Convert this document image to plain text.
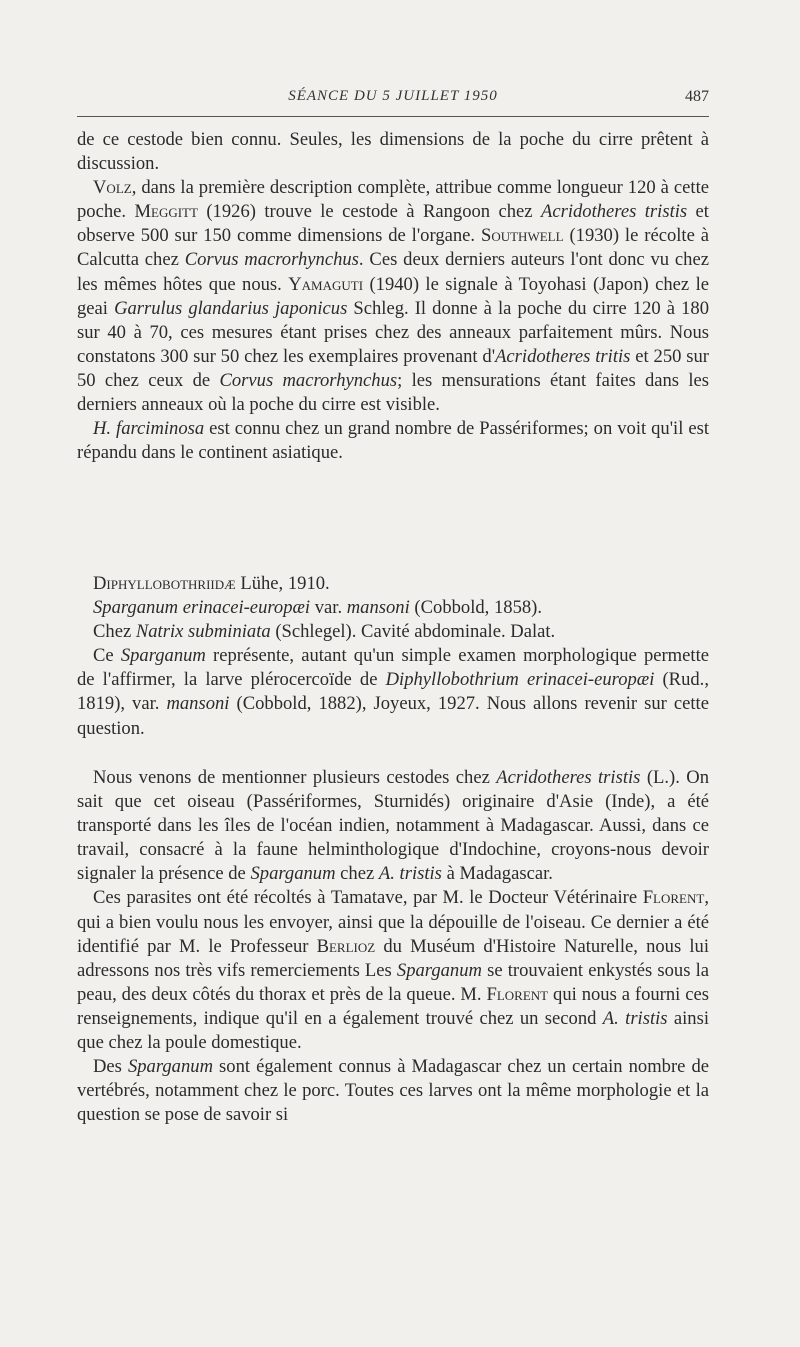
SÉANCE DU 5 JUILLET 1950	487

de ce cestode bien connu. Seules, les dimensions de la poche du cirre prêtent à discussion.

Volz, dans la première description complète, attribue comme longueur 120 à cette poche. Meggitt (1926) trouve le cestode à Rangoon chez Acridotheres tristis et observe 500 sur 150 comme dimensions de l'organe. Southwell (1930) le récolte à Calcutta chez Corvus macrorhynchus. Ces deux derniers auteurs l'ont donc vu chez les mêmes hôtes que nous. Yamaguti (1940) le signale à Toyohasi (Japon) chez le geai Garrulus glandarius japonicus Schleg. Il donne à la poche du cirre 120 à 180 sur 40 à 70, ces mesures étant prises chez des anneaux parfaitement mûrs. Nous constatons 300 sur 50 chez les exemplaires provenant d'Acridotheres tritis et 250 sur 50 chez ceux de Corvus macrorhynchus; les mensurations étant faites dans les derniers anneaux où la poche du cirre est visible.

H. farciminosa est connu chez un grand nombre de Passériformes; on voit qu'il est répandu dans le continent asiatique.

Diphyllobothriidæ Lühe, 1910.

Sparganum erinacei-europæi var. mansoni (Cobbold, 1858).

Chez Natrix subminiata (Schlegel). Cavité abdominale. Dalat.

Ce Sparganum représente, autant qu'un simple examen morphologique permette de l'affirmer, la larve plérocercoïde de Diphyllobothrium erinacei-europæi (Rud., 1819), var. mansoni (Cobbold, 1882), Joyeux, 1927. Nous allons revenir sur cette question.

Nous venons de mentionner plusieurs cestodes chez Acridotheres tristis (L.). On sait que cet oiseau (Passériformes, Sturnidés) originaire d'Asie (Inde), a été transporté dans les îles de l'océan indien, notamment à Madagascar. Aussi, dans ce travail, consacré à la faune helminthologique d'Indochine, croyons-nous devoir signaler la présence de Sparganum chez A. tristis à Madagascar.

Ces parasites ont été récoltés à Tamatave, par M. le Docteur Vétérinaire Florent, qui a bien voulu nous les envoyer, ainsi que la dépouille de l'oiseau. Ce dernier a été identifié par M. le Professeur Berlioz du Muséum d'Histoire Naturelle, nous lui adressons nos très vifs remerciements Les Sparganum se trouvaient enkystés sous la peau, des deux côtés du thorax et près de la queue. M. Florent qui nous a fourni ces renseignements, indique qu'il en a également trouvé chez un second A. tristis ainsi que chez la poule domestique.

Des Sparganum sont également connus à Madagascar chez un certain nombre de vertébrés, notamment chez le porc. Toutes ces larves ont la même morphologie et la question se pose de savoir si
